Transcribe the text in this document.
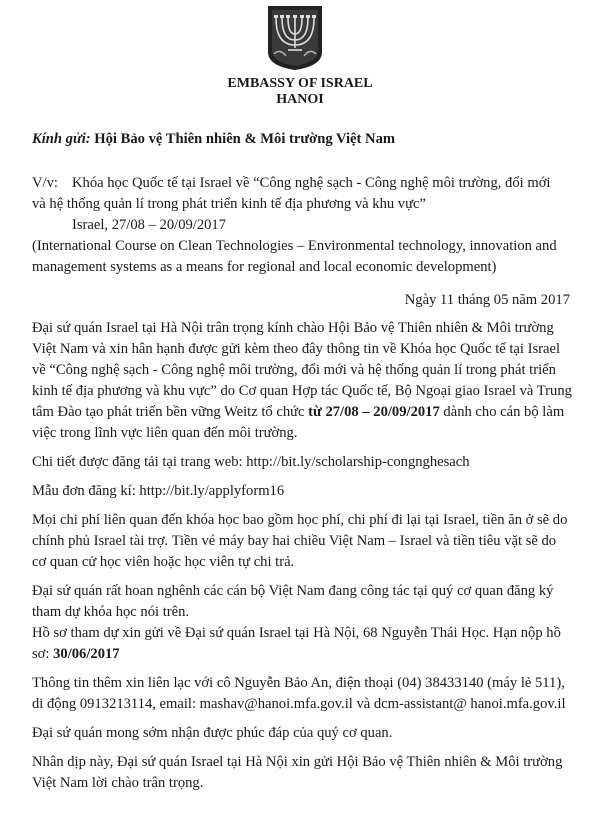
EMBASSY OF ISRAEL
HANOI
Kính gửi: Hội Bảo vệ Thiên nhiên & Môi trường Việt Nam
V/v: Khóa học Quốc tế tại Israel về “Công nghệ sạch - Công nghệ môi trường, đổi mới
và hệ thống quản lí trong phát triển kinh tế địa phương và khu vực”
Israel, 27/08 – 20/09/2017
(International Course on Clean Technologies – Environmental technology, innovation and management systems as a means for regional and local economic development)
Ngày 11 tháng 05 năm 2017

Đại sứ quán Israel tại Hà Nội trân trọng kính chào Hội Bảo vệ Thiên nhiên & Môi trường Việt Nam và xin hân hạnh được gửi kèm theo đây thông tin về Khóa học Quốc tế tại Israel về “Công nghệ sạch - Công nghệ môi trường, đổi mới và hệ thống quản lí trong phát triển kinh tế địa phương và khu vực” do Cơ quan Hợp tác Quốc tế, Bộ Ngoại giao Israel và Trung tâm Đào tạo phát triển bền vững Weitz tổ chức từ 27/08 – 20/09/2017 dành cho cán bộ làm việc trong lĩnh vực liên quan đến môi trường.

Chi tiết được đăng tải tại trang web: http://bit.ly/scholarship-congnghesach

Mẫu đơn đăng kí: http://bit.ly/applyform16

Mọi chi phí liên quan đến khóa học bao gồm học phí, chi phí đi lại tại Israel, tiền ăn ở sẽ do chính phủ Israel tài trợ. Tiền vé máy bay hai chiều Việt Nam – Israel và tiền tiêu vặt sẽ do cơ quan cử học viên hoặc học viên tự chi trả.

Đại sứ quán rất hoan nghênh các cán bộ Việt Nam đang công tác tại quý cơ quan đăng ký tham dự khóa học nói trên.

Hồ sơ tham dự xin gửi về Đại sứ quán Israel tại Hà Nội, 68 Nguyễn Thái Học. Hạn nộp hồ sơ: 30/06/2017

Thông tin thêm xin liên lạc với cô Nguyễn Bảo An, điện thoại (04) 38433140 (máy lẻ 511), di động 0913213114, email: mashav@hanoi.mfa.gov.il và dcm-assistant@ hanoi.mfa.gov.il

Đại sứ quán mong sớm nhận được phúc đáp của quý cơ quan.

Nhân dịp này, Đại sứ quán Israel tại Hà Nội xin gửi Hội Bảo vệ Thiên nhiên & Môi trường Việt Nam lời chào trân trọng.
